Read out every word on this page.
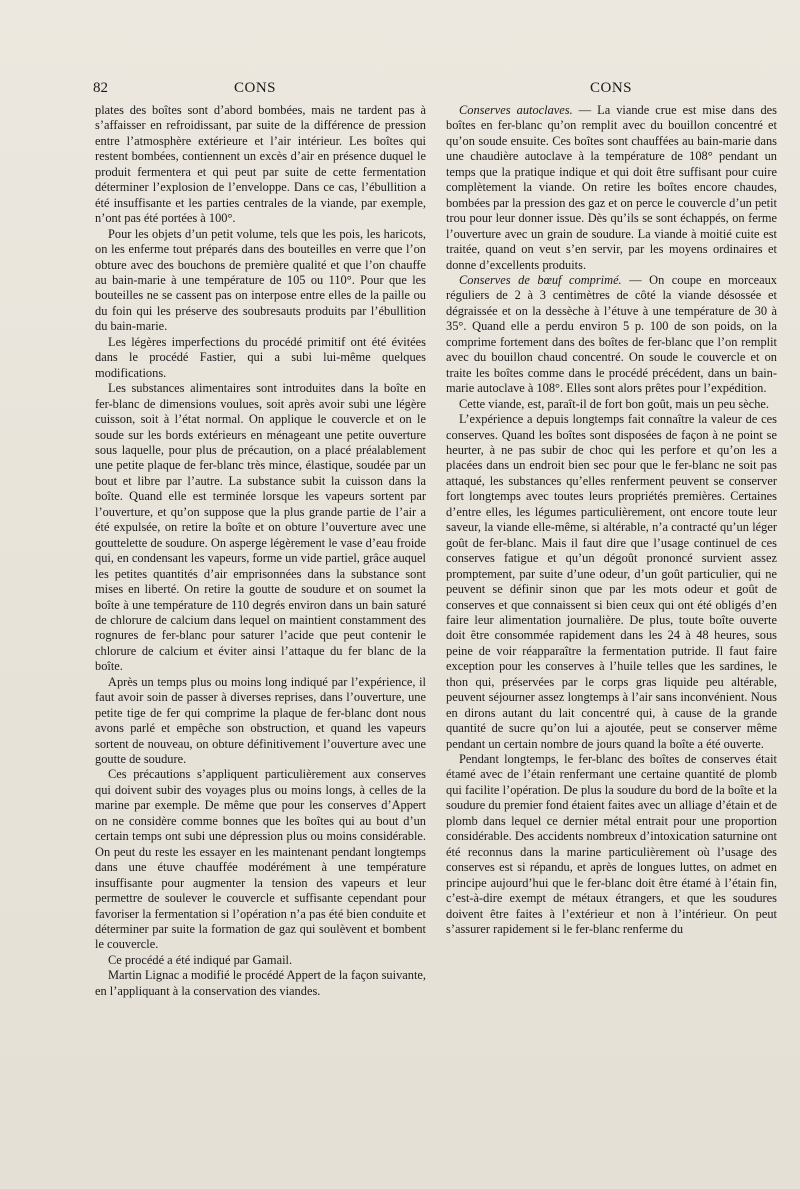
82	CONS	CONS

plates des boîtes sont d’abord bombées, mais ne tardent pas à s’affaisser en refroidissant, par suite de la différence de pression entre l’atmosphère extérieure et l’air intérieur. Les boîtes qui restent bombées, contiennent un excès d’air en présence duquel le produit fermentera et qui peut par suite de cette fermentation déterminer l’explosion de l’enveloppe. Dans ce cas, l’ébullition a été insuffisante et les parties centrales de la viande, par exemple, n’ont pas été portées à 100°.

Pour les objets d’un petit volume, tels que les pois, les haricots, on les enferme tout préparés dans des bouteilles en verre que l’on obture avec des bouchons de première qualité et que l’on chauffe au bain-marie à une température de 105 ou 110°. Pour que les bouteilles ne se cassent pas on interpose entre elles de la paille ou du foin qui les préserve des soubresauts produits par l’ébullition du bain-marie.

Les légères imperfections du procédé primitif ont été évitées dans le procédé Fastier, qui a subi lui-même quelques modifications.

Les substances alimentaires sont introduites dans la boîte en fer-blanc de dimensions voulues, soit après avoir subi une légère cuisson, soit à l’état normal. On applique le couvercle et on le soude sur les bords extérieurs en ménageant une petite ouverture sous laquelle, pour plus de précaution, on a placé préalablement une petite plaque de fer-blanc très mince, élastique, soudée par un bout et libre par l’autre. La substance subit la cuisson dans la boîte. Quand elle est terminée lorsque les vapeurs sortent par l’ouverture, et qu’on suppose que la plus grande partie de l’air a été expulsée, on retire la boîte et on obture l’ouverture avec une gouttelette de soudure. On asperge légèrement le vase d’eau froide qui, en condensant les vapeurs, forme un vide partiel, grâce auquel les petites quantités d’air emprisonnées dans la substance sont mises en liberté. On retire la goutte de soudure et on soumet la boîte à une température de 110 degrés environ dans un bain saturé de chlorure de calcium dans lequel on maintient constamment des rognures de fer-blanc pour saturer l’acide que peut contenir le chlorure de calcium et éviter ainsi l’attaque du fer blanc de la boîte.

Après un temps plus ou moins long indiqué par l’expérience, il faut avoir soin de passer à diverses reprises, dans l’ouverture, une petite tige de fer qui comprime la plaque de fer-blanc dont nous avons parlé et empêche son obstruction, et quand les vapeurs sortent de nouveau, on obture définitivement l’ouverture avec une goutte de soudure.

Ces précautions s’appliquent particulièrement aux conserves qui doivent subir des voyages plus ou moins longs, à celles de la marine par exemple. De même que pour les conserves d’Appert on ne considère comme bonnes que les boîtes qui au bout d’un certain temps ont subi une dépression plus ou moins considérable. On peut du reste les essayer en les maintenant pendant longtemps dans une étuve chauffée modérément à une température insuffisante pour augmenter la tension des vapeurs et leur permettre de soulever le couvercle et suffisante cependant pour favoriser la fermentation si l’opération n’a pas été bien conduite et déterminer par suite la formation de gaz qui soulèvent et bombent le couvercle.

Ce procédé a été indiqué par Gamail.

Martin Lignac a modifié le procédé Appert de la façon suivante, en l’appliquant à la conservation des viandes.

Conserves autoclaves. — La viande crue est mise dans des boîtes en fer-blanc qu’on remplit avec du bouillon concentré et qu’on soude ensuite. Ces boîtes sont chauffées au bain-marie dans une chaudière autoclave à la température de 108° pendant un temps que la pratique indique et qui doit être suffisant pour cuire complètement la viande. On retire les boîtes encore chaudes, bombées par la pression des gaz et on perce le couvercle d’un petit trou pour leur donner issue. Dès qu’ils se sont échappés, on ferme l’ouverture avec un grain de soudure. La viande à moitié cuite est traitée, quand on veut s’en servir, par les moyens ordinaires et donne d’excellents produits.

Conserves de bœuf comprimé. — On coupe en morceaux réguliers de 2 à 3 centimètres de côté la viande désossée et dégraissée et on la dessèche à l’étuve à une température de 30 à 35°. Quand elle a perdu environ 5 p. 100 de son poids, on la comprime fortement dans des boîtes de fer-blanc que l’on remplit avec du bouillon chaud concentré. On soude le couvercle et on traite les boîtes comme dans le procédé précédent, dans un bain-marie autoclave à 108°. Elles sont alors prêtes pour l’expédition.

Cette viande, est, paraît-il de fort bon goût, mais un peu sèche.

L’expérience a depuis longtemps fait connaître la valeur de ces conserves. Quand les boîtes sont disposées de façon à ne point se heurter, à ne pas subir de choc qui les perfore et qu’on les a placées dans un endroit bien sec pour que le fer-blanc ne soit pas attaqué, les substances qu’elles renferment peuvent se conserver fort longtemps avec toutes leurs propriétés premières. Certaines d’entre elles, les légumes particulièrement, ont encore toute leur saveur, la viande elle-même, si altérable, n’a contracté qu’un léger goût de fer-blanc. Mais il faut dire que l’usage continuel de ces conserves fatigue et qu’un dégoût prononcé survient assez promptement, par suite d’une odeur, d’un goût particulier, qui ne peuvent se définir sinon que par les mots odeur et goût de conserves et que connaissent si bien ceux qui ont été obligés d’en faire leur alimentation journalière. De plus, toute boîte ouverte doit être consommée rapidement dans les 24 à 48 heures, sous peine de voir réapparaître la fermentation putride. Il faut faire exception pour les conserves à l’huile telles que les sardines, le thon qui, préservées par le corps gras liquide peu altérable, peuvent séjourner assez longtemps à l’air sans inconvénient. Nous en dirons autant du lait concentré qui, à cause de la grande quantité de sucre qu’on lui a ajoutée, peut se conserver même pendant un certain nombre de jours quand la boîte a été ouverte.

Pendant longtemps, le fer-blanc des boîtes de conserves était étamé avec de l’étain renfermant une certaine quantité de plomb qui facilite l’opération. De plus la soudure du bord de la boîte et la soudure du premier fond étaient faites avec un alliage d’étain et de plomb dans lequel ce dernier métal entrait pour une proportion considérable. Des accidents nombreux d’intoxication saturnine ont été reconnus dans la marine particulièrement où l’usage des conserves est si répandu, et après de longues luttes, on admet en principe aujourd’hui que le fer-blanc doit être étamé à l’étain fin, c’est-à-dire exempt de métaux étrangers, et que les soudures doivent être faites à l’extérieur et non à l’intérieur. On peut s’assurer rapidement si le fer-blanc renferme du
